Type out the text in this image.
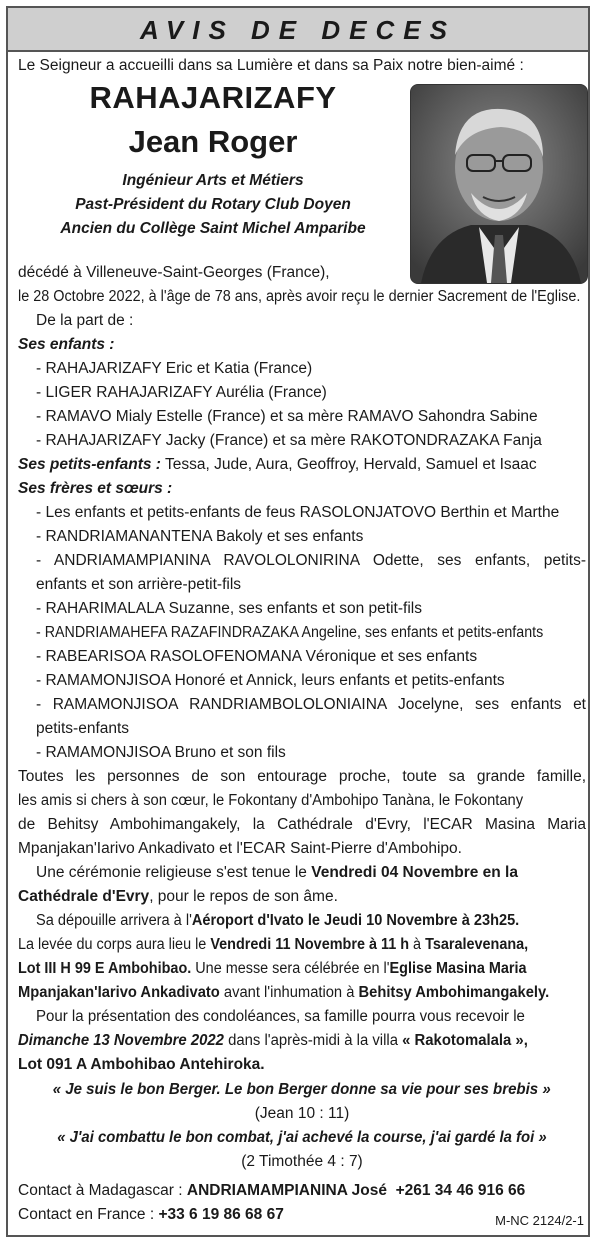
AVIS DE DECES
Le Seigneur a accueilli dans sa Lumière et dans sa Paix notre bien-aimé :
RAHAJARIZAFY
Jean Roger
Ingénieur Arts et Métiers
Past-Président du Rotary Club Doyen
Ancien du Collège Saint Michel Amparibe
décédé à Villeneuve-Saint-Georges (France),
le 28 Octobre 2022, à l'âge de 78 ans, après avoir reçu le dernier Sacrement de l'Eglise.
De la part de :
Ses enfants :
- RAHAJARIZAFY Eric et Katia (France)
- LIGER RAHAJARIZAFY Aurélia (France)
- RAMAVO Mialy Estelle (France) et sa mère RAMAVO Sahondra Sabine
- RAHAJARIZAFY Jacky (France) et sa mère RAKOTONDRAZAKA Fanja
Ses petits-enfants : Tessa, Jude, Aura, Geoffroy, Hervald, Samuel et Isaac
Ses frères et sœurs :
- Les enfants et petits-enfants de feus RASOLONJATOVO Berthin et Marthe
- RANDRIAMANANTENA Bakoly et ses enfants
- ANDRIAMAMPIANINA RAVOLOLONIRINA Odette, ses enfants, petits-
enfants et son arrière-petit-fils
- RAHARIMALALA Suzanne, ses enfants et son petit-fils
- RANDRIAMAHEFA RAZAFINDRAZAKA Angeline, ses enfants et petits-enfants
- RABEARISOA RASOLOFENOMANA Véronique et ses enfants
- RAMAMONJISOA Honoré et Annick, leurs enfants et petits-enfants
- RAMAMONJISOA RANDRIAMBOLOLONIAINA Jocelyne, ses enfants et
petits-enfants
- RAMAMONJISOA Bruno et son fils
Toutes les personnes de son entourage proche, toute sa grande famille,
les amis si chers à son cœur, le Fokontany d'Ambohipo Tanàna, le Fokontany
de Behitsy Ambohimangakely, la Cathédrale d'Evry, l'ECAR Masina Maria
Mpanjakan'Iarivo Ankadivato et l'ECAR Saint-Pierre d'Ambohipo.
Une cérémonie religieuse s'est tenue le Vendredi 04 Novembre en la
Cathédrale d'Evry, pour le repos de son âme.
Sa dépouille arrivera à l'Aéroport d'Ivato le Jeudi 10 Novembre à 23h25.
La levée du corps aura lieu le Vendredi 11 Novembre à 11 h à Tsaralevenana,
Lot III H 99 E Ambohibao. Une messe sera célébrée en l'Eglise Masina Maria
Mpanjakan'Iarivo Ankadivato avant l'inhumation à Behitsy Ambohimangakely.
Pour la présentation des condoléances, sa famille pourra vous recevoir le
Dimanche 13 Novembre 2022 dans l'après-midi à la villa « Rakotomalala »,
Lot 091 A Ambohibao Antehiroka.
« Je suis le bon Berger. Le bon Berger donne sa vie pour ses brebis »
(Jean 10 : 11)
« J'ai combattu le bon combat, j'ai achevé la course, j'ai gardé la foi »
(2 Timothée 4 : 7)
Contact à Madagascar : ANDRIAMAMPIANINA José +261 34 46 916 66
Contact en France : +33 6 19 86 68 67	M-NC 2124/2-1
